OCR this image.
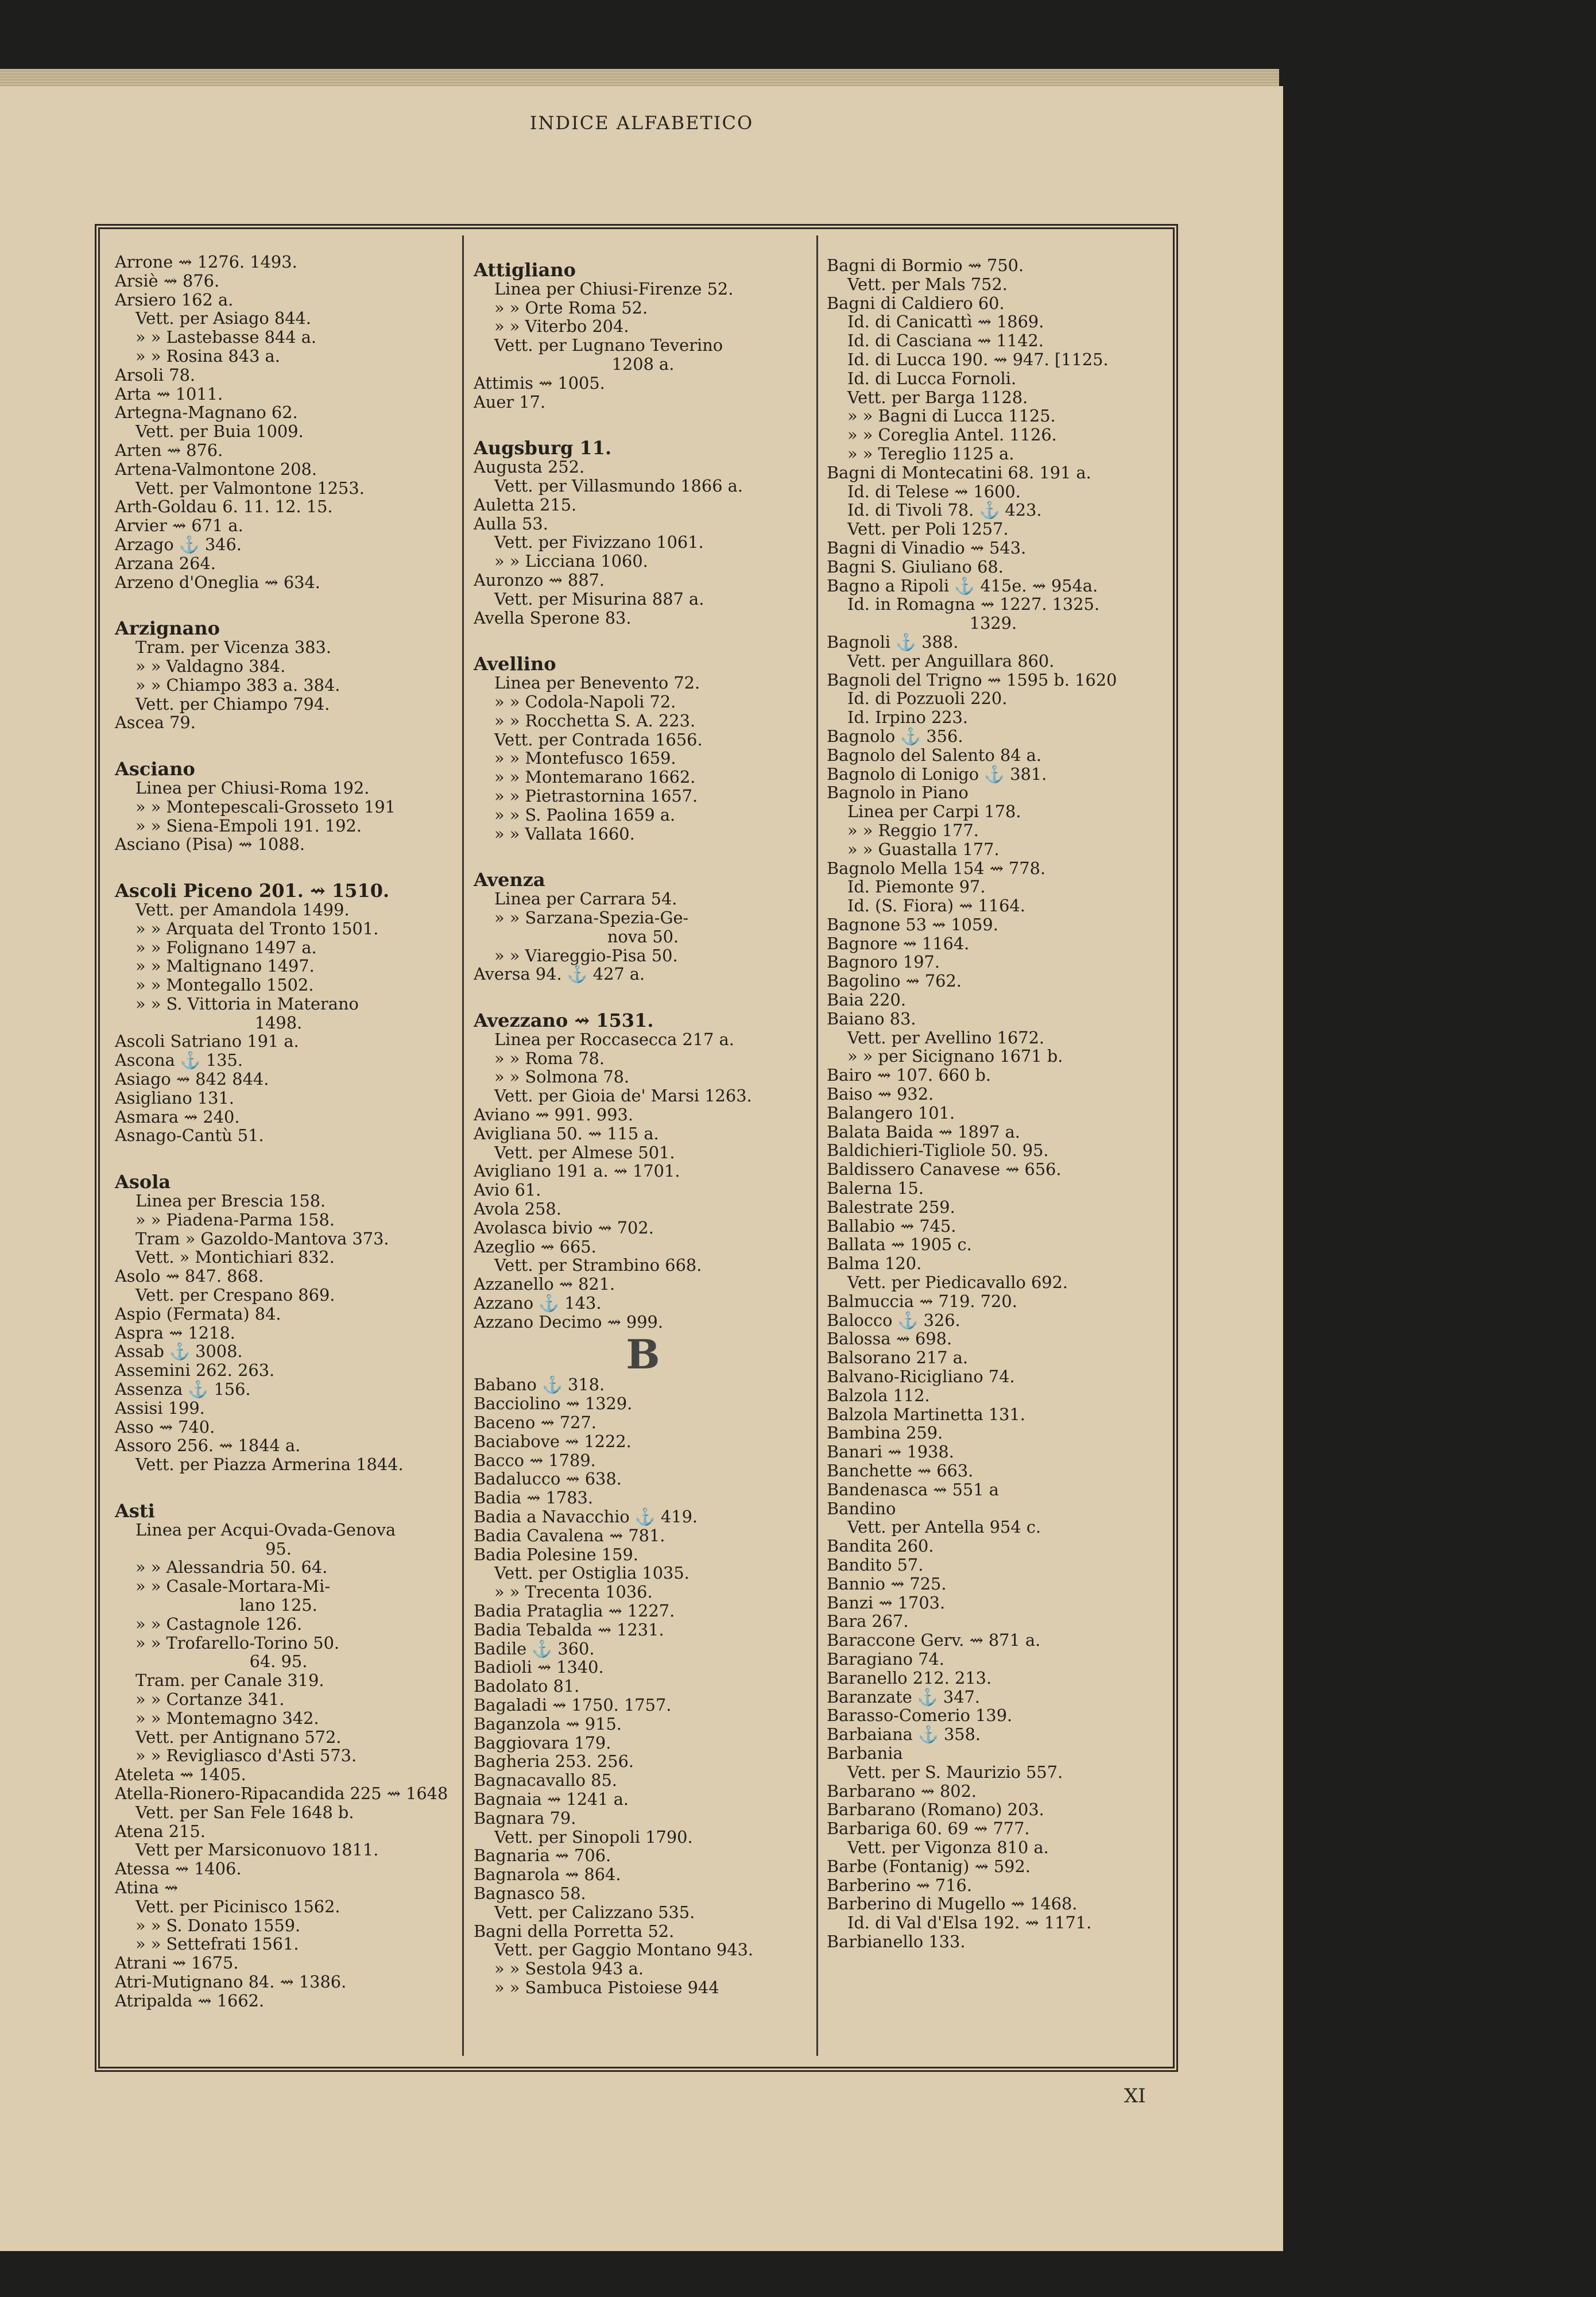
INDICE ALFABETICO
Arrone ⇝ 1276. 1493.
Arsiè ⇝ 876.
Arsiero 162 a.
Vett. per Asiago 844.
» » Lastebasse 844 a.
» » Rosina 843 a.
Arsoli 78.
Arta ⇝ 1011.
Artegna-Magnano 62.
Vett. per Buia 1009.
Arten ⇝ 876.
Artena-Valmontone 208.
Vett. per Valmontone 1253.
Arth-Goldau 6. 11. 12. 15.
Arvier ⇝ 671 a.
Arzago ⚓ 346.
Arzana 264.
Arzeno d'Oneglia ⇝ 634.
Arzignano
Tram. per Vicenza 383.
» » Valdagno 384.
» » Chiampo 383 a. 384.
Vett. per Chiampo 794.
Ascea 79.
Asciano
Linea per Chiusi-Roma 192.
» » Montepescali-Grosseto 191
» » Siena-Empoli 191. 192.
Asciano (Pisa) ⇝ 1088.
Ascoli Piceno 201. ⇝ 1510.
Vett. per Amandola 1499.
» » Arquata del Tronto 1501.
» » Folignano 1497 a.
» » Maltignano 1497.
» » Montegallo 1502.
» » S. Vittoria in Materano
1498.
Ascoli Satriano 191 a.
Ascona ⚓ 135.
Asiago ⇝ 842 844.
Asigliano 131.
Asmara ⇝ 240.
Asnago-Cantù 51.
Asola
Linea per Brescia 158.
» » Piadena-Parma 158.
Tram » Gazoldo-Mantova 373.
Vett. » Montichiari 832.
Asolo ⇝ 847. 868.
Vett. per Crespano 869.
Aspio (Fermata) 84.
Aspra ⇝ 1218.
Assab ⚓ 3008.
Assemini 262. 263.
Assenza ⚓ 156.
Assisi 199.
Asso ⇝ 740.
Assoro 256. ⇝ 1844 a.
Vett. per Piazza Armerina 1844.
Asti
Linea per Acqui-Ovada-Genova
95.
» » Alessandria 50. 64.
» » Casale-Mortara-Mi-
lano 125.
» » Castagnole 126.
» » Trofarello-Torino 50.
64. 95.
Tram. per Canale 319.
» » Cortanze 341.
» » Montemagno 342.
Vett. per Antignano 572.
» » Revigliasco d'Asti 573.
Ateleta ⇝ 1405.
Atella-Rionero-Ripacandida 225 ⇝ 1648
Vett. per San Fele 1648 b.
Atena 215.
Vett per Marsiconuovo 1811.
Atessa ⇝ 1406.
Atina ⇝
Vett. per Picinisco 1562.
» » S. Donato 1559.
» » Settefrati 1561.
Atrani ⇝ 1675.
Atri-Mutignano 84. ⇝ 1386.
Atripalda ⇝ 1662.
Attigliano
Linea per Chiusi-Firenze 52.
» » Orte Roma 52.
» » Viterbo 204.
Vett. per Lugnano Teverino
1208 a.
Attimis ⇝ 1005.
Auer 17.
Augsburg 11.
Augusta 252.
Vett. per Villasmundo 1866 a.
Auletta 215.
Aulla 53.
Vett. per Fivizzano 1061.
» » Licciana 1060.
Auronzo ⇝ 887.
Vett. per Misurina 887 a.
Avella Sperone 83.
Avellino
Linea per Benevento 72.
» » Codola-Napoli 72.
» » Rocchetta S. A. 223.
Vett. per Contrada 1656.
» » Montefusco 1659.
» » Montemarano 1662.
» » Pietrastornina 1657.
» » S. Paolina 1659 a.
» » Vallata 1660.
Avenza
Linea per Carrara 54.
» » Sarzana-Spezia-Ge-
nova 50.
» » Viareggio-Pisa 50.
Aversa 94. ⚓ 427 a.
Avezzano ⇝ 1531.
Linea per Roccasecca 217 a.
» » Roma 78.
» » Solmona 78.
Vett. per Gioia de' Marsi 1263.
Aviano ⇝ 991. 993.
Avigliana 50. ⇝ 115 a.
Vett. per Almese 501.
Avigliano 191 a. ⇝ 1701.
Avio 61.
Avola 258.
Avolasca bivio ⇝ 702.
Azeglio ⇝ 665.
Vett. per Strambino 668.
Azzanello ⇝ 821.
Azzano ⚓ 143.
Azzano Decimo ⇝ 999.
B
Babano ⚓ 318.
Bacciolino ⇝ 1329.
Baceno ⇝ 727.
Baciabove ⇝ 1222.
Bacco ⇝ 1789.
Badalucco ⇝ 638.
Badia ⇝ 1783.
Badia a Navacchio ⚓ 419.
Badia Cavalena ⇝ 781.
Badia Polesine 159.
Vett. per Ostiglia 1035.
» » Trecenta 1036.
Badia Prataglia ⇝ 1227.
Badia Tebalda ⇝ 1231.
Badile ⚓ 360.
Badioli ⇝ 1340.
Badolato 81.
Bagaladi ⇝ 1750. 1757.
Baganzola ⇝ 915.
Baggiovara 179.
Bagheria 253. 256.
Bagnacavallo 85.
Bagnaia ⇝ 1241 a.
Bagnara 79.
Vett. per Sinopoli 1790.
Bagnaria ⇝ 706.
Bagnarola ⇝ 864.
Bagnasco 58.
Vett. per Calizzano 535.
Bagni della Porretta 52.
Vett. per Gaggio Montano 943.
» » Sestola 943 a.
» » Sambuca Pistoiese 944
Bagni di Bormio ⇝ 750.
Vett. per Mals 752.
Bagni di Caldiero 60.
Id. di Canicattì ⇝ 1869.
Id. di Casciana ⇝ 1142.
Id. di Lucca 190. ⇝ 947. [1125.
Id. di Lucca Fornoli.
Vett. per Barga 1128.
» » Bagni di Lucca 1125.
» » Coreglia Antel. 1126.
» » Tereglio 1125 a.
Bagni di Montecatini 68. 191 a.
Id. di Telese ⇝ 1600.
Id. di Tivoli 78. ⚓ 423.
Vett. per Poli 1257.
Bagni di Vinadio ⇝ 543.
Bagni S. Giuliano 68.
Bagno a Ripoli ⚓ 415e. ⇝ 954a.
Id. in Romagna ⇝ 1227. 1325.
1329.
Bagnoli ⚓ 388.
Vett. per Anguillara 860.
Bagnoli del Trigno ⇝ 1595 b. 1620
Id. di Pozzuoli 220.
Id. Irpino 223.
Bagnolo ⚓ 356.
Bagnolo del Salento 84 a.
Bagnolo di Lonigo ⚓ 381.
Bagnolo in Piano
Linea per Carpi 178.
» » Reggio 177.
» » Guastalla 177.
Bagnolo Mella 154 ⇝ 778.
Id. Piemonte 97.
Id. (S. Fiora) ⇝ 1164.
Bagnone 53 ⇝ 1059.
Bagnore ⇝ 1164.
Bagnoro 197.
Bagolino ⇝ 762.
Baia 220.
Baiano 83.
Vett. per Avellino 1672.
» » per Sicignano 1671 b.
Bairo ⇝ 107. 660 b.
Baiso ⇝ 932.
Balangero 101.
Balata Baida ⇝ 1897 a.
Baldichieri-Tigliole 50. 95.
Baldissero Canavese ⇝ 656.
Balerna 15.
Balestrate 259.
Ballabio ⇝ 745.
Ballata ⇝ 1905 c.
Balma 120.
Vett. per Piedicavallo 692.
Balmuccia ⇝ 719. 720.
Balocco ⚓ 326.
Balossa ⇝ 698.
Balsorano 217 a.
Balvano-Ricigliano 74.
Balzola 112.
Balzola Martinetta 131.
Bambina 259.
Banari ⇝ 1938.
Banchette ⇝ 663.
Bandenasca ⇝ 551 a
Bandino
Vett. per Antella 954 c.
Bandita 260.
Bandito 57.
Bannio ⇝ 725.
Banzi ⇝ 1703.
Bara 267.
Baraccone Gerv. ⇝ 871 a.
Baragiano 74.
Baranello 212. 213.
Baranzate ⚓ 347.
Barasso-Comerio 139.
Barbaiana ⚓ 358.
Barbania
Vett. per S. Maurizio 557.
Barbarano ⇝ 802.
Barbarano (Romano) 203.
Barbariga 60. 69 ⇝ 777.
Vett. per Vigonza 810 a.
Barbe (Fontanig) ⇝ 592.
Barberino ⇝ 716.
Barberino di Mugello ⇝ 1468.
Id. di Val d'Elsa 192. ⇝ 1171.
Barbianello 133.
XI
